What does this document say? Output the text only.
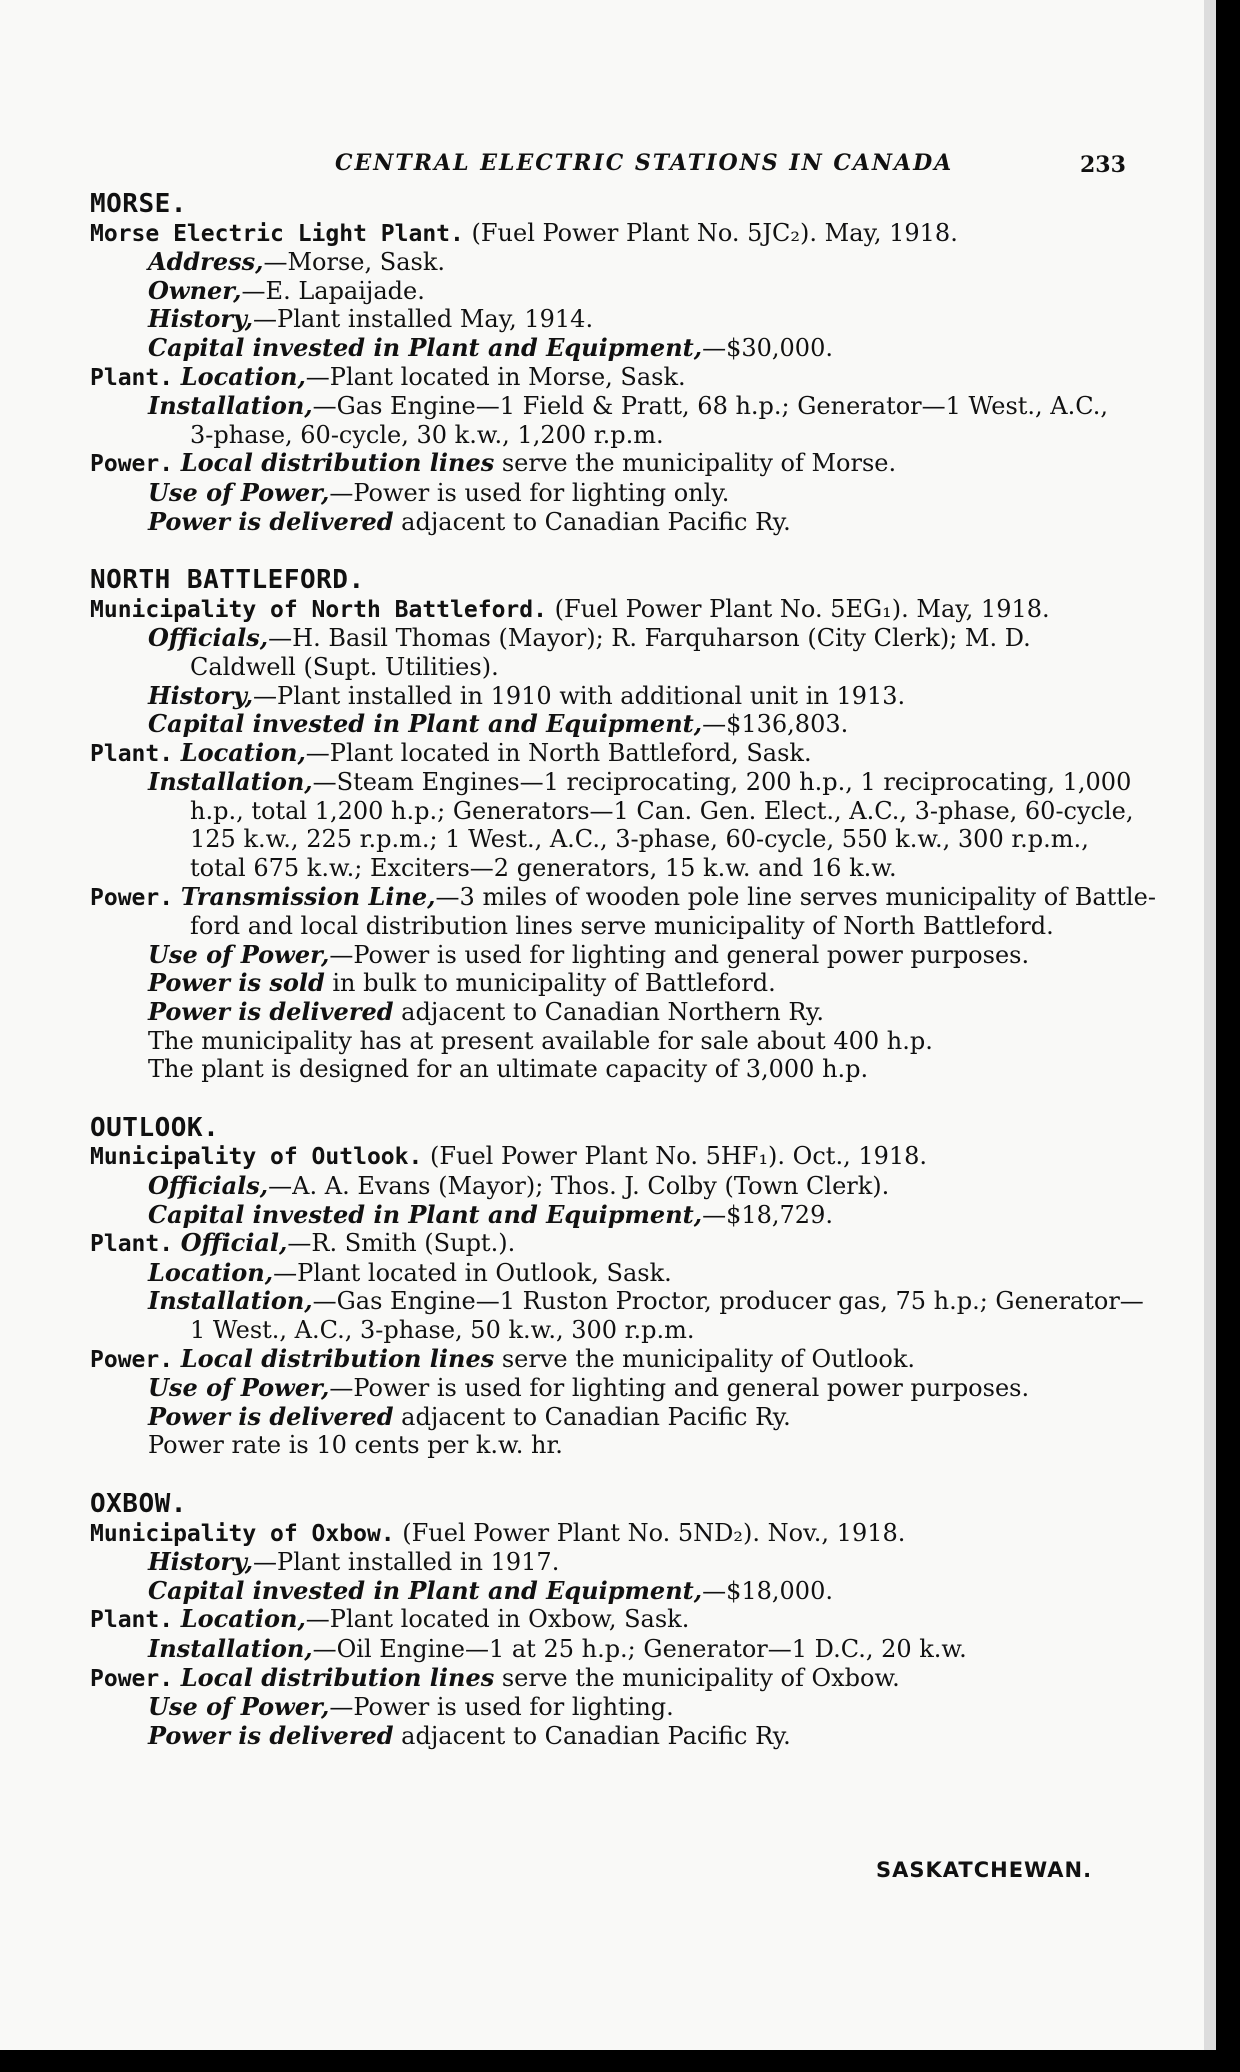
CENTRAL ELECTRIC STATIONS IN CANADA	233
MORSE.
Morse Electric Light Plant. (Fuel Power Plant No. 5JC₂). May, 1918.
Address,—Morse, Sask.
Owner,—E. Lapaijade.
History,—Plant installed May, 1914.
Capital invested in Plant and Equipment,—$30,000.
Plant. Location,—Plant located in Morse, Sask.
Installation,—Gas Engine—1 Field & Pratt, 68 h.p.; Generator—1 West., A.C.,
3-phase, 60-cycle, 30 k.w., 1,200 r.p.m.
Power. Local distribution lines serve the municipality of Morse.
Use of Power,—Power is used for lighting only.
Power is delivered adjacent to Canadian Pacific Ry.
NORTH BATTLEFORD.
Municipality of North Battleford. (Fuel Power Plant No. 5EG₁). May, 1918.
Officials,—H. Basil Thomas (Mayor); R. Farquharson (City Clerk); M. D.
Caldwell (Supt. Utilities).
History,—Plant installed in 1910 with additional unit in 1913.
Capital invested in Plant and Equipment,—$136,803.
Plant. Location,—Plant located in North Battleford, Sask.
Installation,—Steam Engines—1 reciprocating, 200 h.p., 1 reciprocating, 1,000
h.p., total 1,200 h.p.; Generators—1 Can. Gen. Elect., A.C., 3-phase, 60-cycle,
125 k.w., 225 r.p.m.; 1 West., A.C., 3-phase, 60-cycle, 550 k.w., 300 r.p.m.,
total 675 k.w.; Exciters—2 generators, 15 k.w. and 16 k.w.
Power. Transmission Line,—3 miles of wooden pole line serves municipality of Battle-
ford and local distribution lines serve municipality of North Battleford.
Use of Power,—Power is used for lighting and general power purposes.
Power is sold in bulk to municipality of Battleford.
Power is delivered adjacent to Canadian Northern Ry.
The municipality has at present available for sale about 400 h.p.
The plant is designed for an ultimate capacity of 3,000 h.p.
OUTLOOK.
Municipality of Outlook. (Fuel Power Plant No. 5HF₁). Oct., 1918.
Officials,—A. A. Evans (Mayor); Thos. J. Colby (Town Clerk).
Capital invested in Plant and Equipment,—$18,729.
Plant. Official,—R. Smith (Supt.).
Location,—Plant located in Outlook, Sask.
Installation,—Gas Engine—1 Ruston Proctor, producer gas, 75 h.p.; Generator—
1 West., A.C., 3-phase, 50 k.w., 300 r.p.m.
Power. Local distribution lines serve the municipality of Outlook.
Use of Power,—Power is used for lighting and general power purposes.
Power is delivered adjacent to Canadian Pacific Ry.
Power rate is 10 cents per k.w. hr.
OXBOW.
Municipality of Oxbow. (Fuel Power Plant No. 5ND₂). Nov., 1918.
History,—Plant installed in 1917.
Capital invested in Plant and Equipment,—$18,000.
Plant. Location,—Plant located in Oxbow, Sask.
Installation,—Oil Engine—1 at 25 h.p.; Generator—1 D.C., 20 k.w.
Power. Local distribution lines serve the municipality of Oxbow.
Use of Power,—Power is used for lighting.
Power is delivered adjacent to Canadian Pacific Ry.
SASKATCHEWAN.
